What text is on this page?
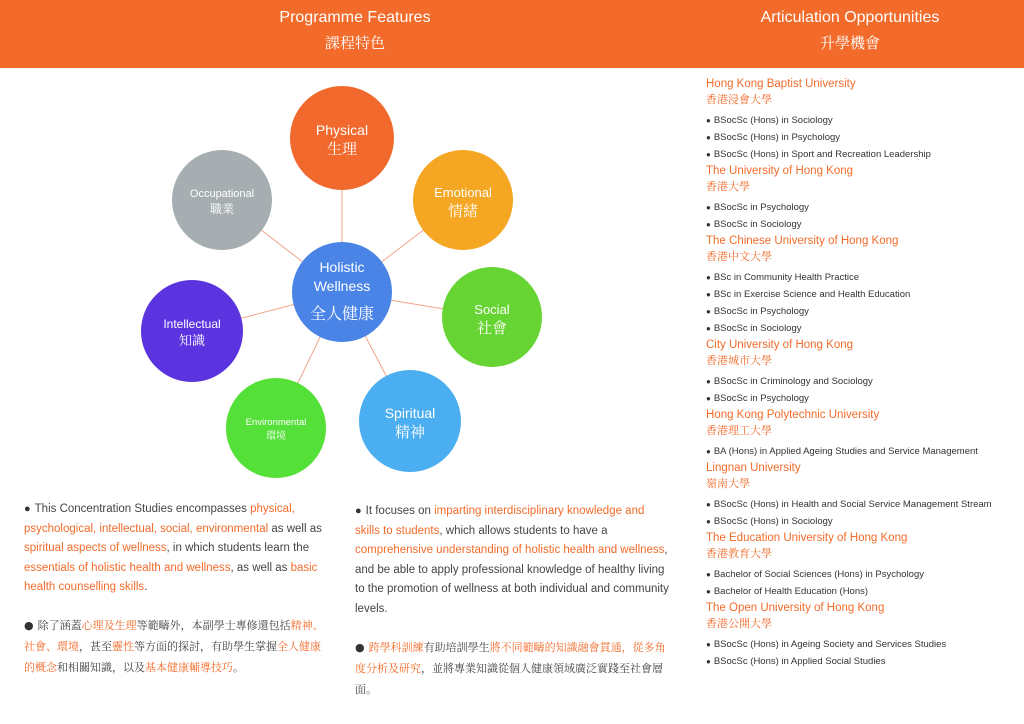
Programme Features
課程特色
Articulation Opportunities
升學機會
Physical
生理
Emotional
情緒
Social
社會
Spiritual
精神
Environmental
環境
Intellectual
知識
Occupational
職業
Holistic
Wellness
全人健康
● This Concentration Studies encompasses physical, psychological, intellectual, social, environmental as well as spiritual aspects of wellness, in which students learn the essentials of holistic health and wellness, as well as basic health counselling skills.
● 除了涵蓋心理及生理等範疇外，本副學士專修還包括精神、社會、環境，甚至靈性等方面的探討，有助學生掌握全人健康的概念和相關知識，以及基本健康輔導技巧。
● It focuses on imparting interdisciplinary knowledge and skills to students, which allows students to have a comprehensive understanding of holistic health and wellness, and be able to apply professional knowledge of healthy living to the promotion of wellness at both individual and community levels.
● 跨學科訓練有助培訓學生將不同範疇的知識融會貫通，從多角度分析及研究，並將專業知識從個人健康領域廣泛實踐至社會層面。
Hong Kong Baptist University
香港浸會大學
● BSocSc (Hons) in Sociology
● BSocSc (Hons) in Psychology
● BSocSc (Hons) in Sport and Recreation Leadership
The University of Hong Kong
香港大學
● BSocSc in Psychology
● BSocSc in Sociology
The Chinese University of Hong Kong
香港中文大學
● BSc in Community Health Practice
● BSc in Exercise Science and Health Education
● BSocSc in Psychology
● BSocSc in Sociology
City University of Hong Kong
香港城市大學
● BSocSc in Criminology and Sociology
● BSocSc in Psychology
Hong Kong Polytechnic University
香港理工大學
● BA (Hons) in Applied Ageing Studies and Service Management
Lingnan University
嶺南大學
● BSocSc (Hons) in Health and Social Service Management Stream
● BSocSc (Hons) in Sociology
The Education University of Hong Kong
香港教育大學
● Bachelor of Social Sciences (Hons) in Psychology
● Bachelor of Health Education (Hons)
The Open University of Hong Kong
香港公開大學
● BSocSc (Hons) in Ageing Society and Services Studies
● BSocSc (Hons) in Applied Social Studies
